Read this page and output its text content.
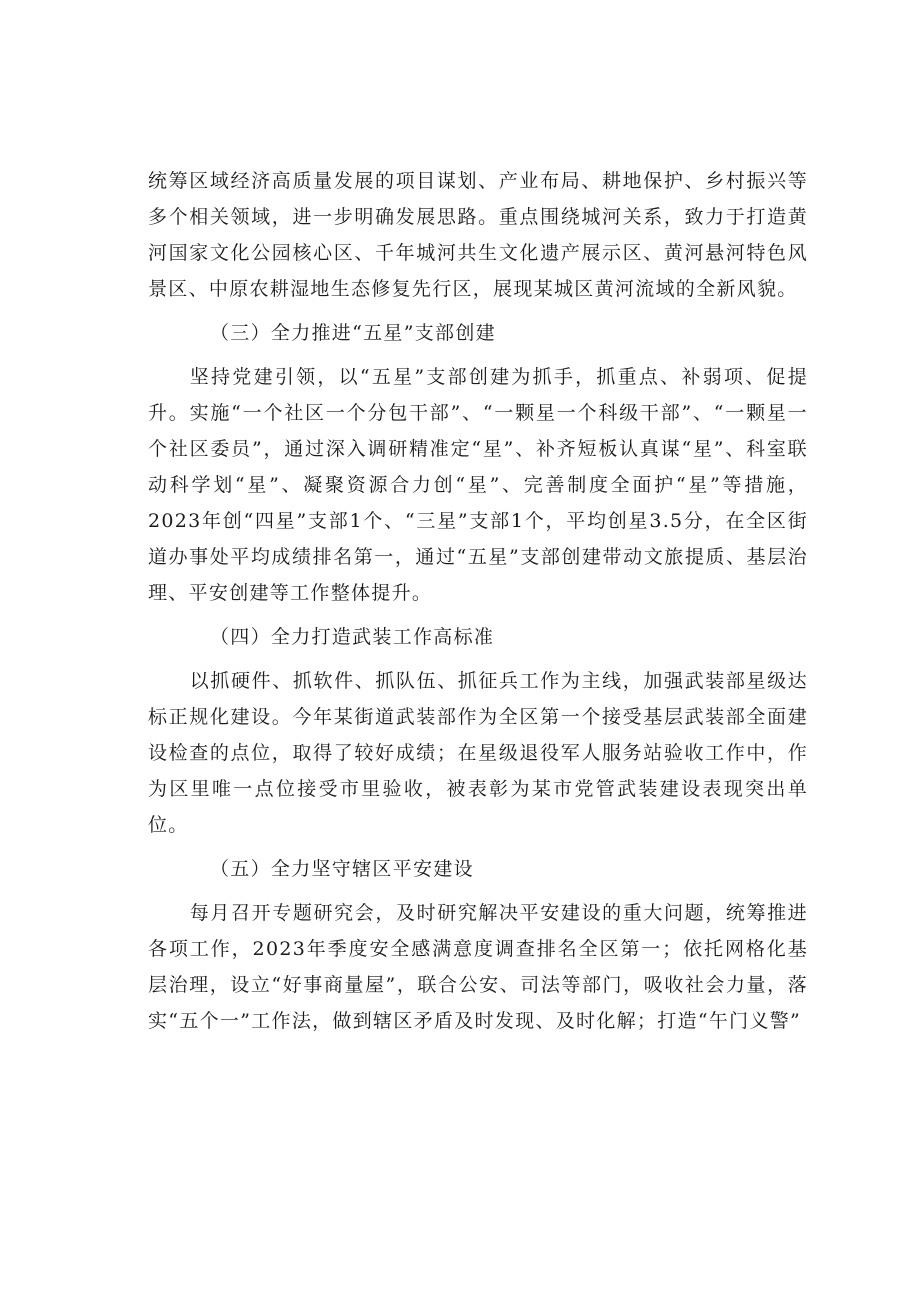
统筹区域经济高质量发展的项目谋划、产业布局、耕地保护、乡村振兴等多个相关领域，进一步明确发展思路。重点围绕城河关系，致力于打造黄河国家文化公园核心区、千年城河共生文化遗产展示区、黄河悬河特色风景区、中原农耕湿地生态修复先行区，展现某城区黄河流域的全新风貌。

（三）全力推进“五星”支部创建

坚持党建引领，以“五星”支部创建为抓手，抓重点、补弱项、促提升。实施“一个社区一个分包干部”、“一颗星一个科级干部”、“一颗星一个社区委员”，通过深入调研精准定“星”、补齐短板认真谋“星”、科室联动科学划“星”、凝聚资源合力创“星”、完善制度全面护“星”等措施，2023年创“四星”支部1个、“三星”支部1个，平均创星3.5分，在全区街道办事处平均成绩排名第一，通过“五星”支部创建带动文旅提质、基层治理、平安创建等工作整体提升。

（四）全力打造武装工作高标准

以抓硬件、抓软件、抓队伍、抓征兵工作为主线，加强武装部星级达标正规化建设。今年某街道武装部作为全区第一个接受基层武装部全面建设检查的点位，取得了较好成绩；在星级退役军人服务站验收工作中，作为区里唯一点位接受市里验收，被表彰为某市党管武装建设表现突出单位。

（五）全力坚守辖区平安建设

每月召开专题研究会，及时研究解决平安建设的重大问题，统筹推进各项工作，2023年季度安全感满意度调查排名全区第一；依托网格化基层治理，设立“好事商量屋”，联合公安、司法等部门，吸收社会力量，落实“五个一”工作法，做到辖区矛盾及时发现、及时化解；打造“午门义警”
